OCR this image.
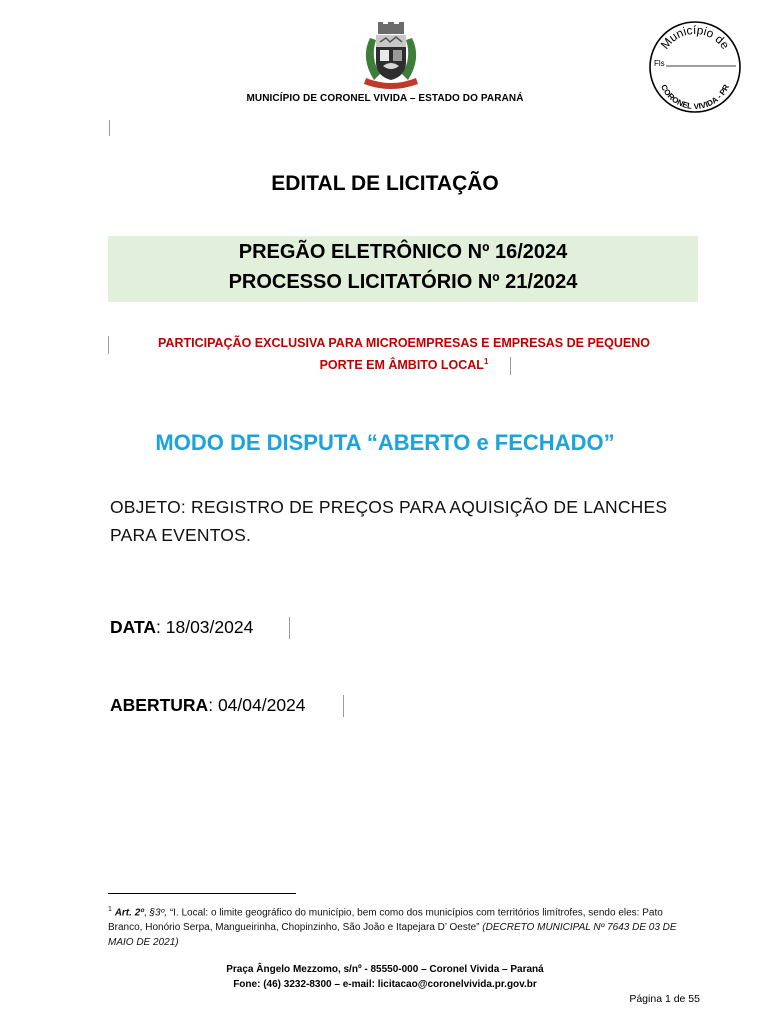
MUNICÍPIO DE CORONEL VIVIDA – ESTADO DO PARANÁ
Município de
Fls
CORONEL VIVIDA - PR
EDITAL DE LICITAÇÃO
PREGÃO ELETRÔNICO Nº 16/2024
PROCESSO LICITATÓRIO Nº 21/2024
PARTICIPAÇÃO EXCLUSIVA PARA MICROEMPRESAS E EMPRESAS DE PEQUENO
PORTE EM ÂMBITO LOCAL$^1$
MODO DE DISPUTA “ABERTO e FECHADO”
OBJETO: REGISTRO DE PREÇOS PARA AQUISIÇÃO DE LANCHES
PARA EVENTOS.
DATA: 18/03/2024
ABERTURA: 04/04/2024
$^1$ Art. 2º, §3º, “I. Local: o limite geográfico do município, bem como dos municípios com territórios limítrofes, sendo eles: Pato Branco, Honório Serpa, Mangueirinha, Chopinzinho, São João e Itapejara D’ Oeste” (DECRETO MUNICIPAL Nº 7643 DE 03 DE MAIO DE 2021)
Praça Ângelo Mezzomo, s/nº - 85550-000 – Coronel Vivida – Paraná
Fone: (46) 3232-8300 – e-mail: licitacao@coronelvivida.pr.gov.br
Página 1 de 55
